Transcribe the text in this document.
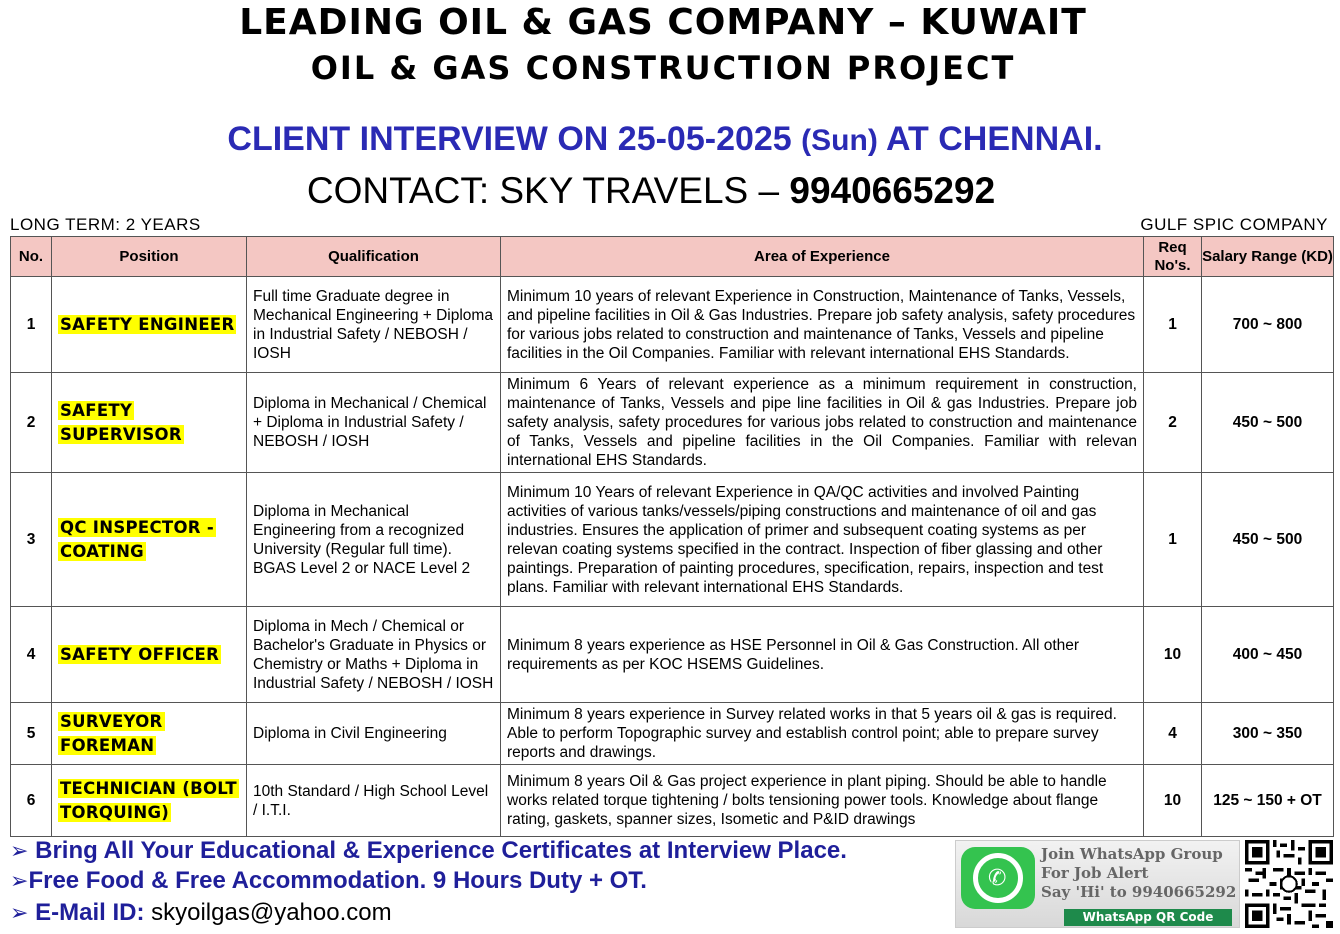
LEADING OIL & GAS COMPANY – KUWAIT
OIL & GAS CONSTRUCTION PROJECT
CLIENT INTERVIEW ON 25-05-2025 (Sun) AT CHENNAI.
CONTACT: SKY TRAVELS – 9940665292
LONG TERM: 2 YEARS	GULF SPIC COMPANY
No.	Position	Qualification	Area of Experience	Req No's.	Salary Range (KD)
1	SAFETY ENGINEER	Full time Graduate degree in Mechanical Engineering + Diploma in Industrial Safety / NEBOSH / IOSH	Minimum 10 years of relevant Experience in Construction, Maintenance of Tanks, Vessels, and pipeline facilities in Oil & Gas Industries. Prepare job safety analysis, safety procedures for various jobs related to construction and maintenance of Tanks, Vessels and pipeline facilities in the Oil Companies. Familiar with relevant international EHS Standards.	1	700 ~ 800
2	SAFETY SUPERVISOR	Diploma in Mechanical / Chemical + Diploma in Industrial Safety / NEBOSH / IOSH	Minimum 6 Years of relevant experience as a minimum requirement in construction, maintenance of Tanks, Vessels and pipe line facilities in Oil & gas Industries. Prepare job safety analysis, safety procedures for various jobs related to construction and maintenance of Tanks, Vessels and pipeline facilities in the Oil Companies. Familiar with relevan international EHS Standards.	2	450 ~ 500
3	QC INSPECTOR - COATING	Diploma in Mechanical Engineering from a recognized University (Regular full time). BGAS Level 2 or NACE Level 2	Minimum 10 Years of relevant Experience in QA/QC activities and involved Painting activities of various tanks/vessels/piping constructions and maintenance of oil and gas industries. Ensures the application of primer and subsequent coating systems as per relevan coating systems specified in the contract. Inspection of fiber glassing and other paintings. Preparation of painting procedures, specification, repairs, inspection and test plans. Familiar with relevant international EHS Standards.	1	450 ~ 500
4	SAFETY OFFICER	Diploma in Mech / Chemical or Bachelor's Graduate in Physics or Chemistry or Maths + Diploma in Industrial Safety / NEBOSH / IOSH	Minimum 8 years experience as HSE Personnel in Oil & Gas Construction. All other requirements as per KOC HSEMS Guidelines.	10	400 ~ 450
5	SURVEYOR FOREMAN	Diploma in Civil Engineering	Minimum 8 years experience in Survey related works in that 5 years oil & gas is required. Able to perform Topographic survey and establish control point; able to prepare survey reports and drawings.	4	300 ~ 350
6	TECHNICIAN (BOLT TORQUING)	10th Standard / High School Level / I.T.I.	Minimum 8 years Oil & Gas project experience in plant piping. Should be able to handle works related torque tightening / bolts tensioning power tools. Knowledge about flange rating, gaskets, spanner sizes, Isometic and P&ID drawings	10	125 ~ 150 + OT
➢ Bring All Your Educational & Experience Certificates at Interview Place.
➢Free Food & Free Accommodation. 9 Hours Duty + OT.
➢ E-Mail ID: skyoilgas@yahoo.com
✆
Join WhatsApp Group
For Job Alert
Say 'Hi' to 9940665292
WhatsApp QR Code
